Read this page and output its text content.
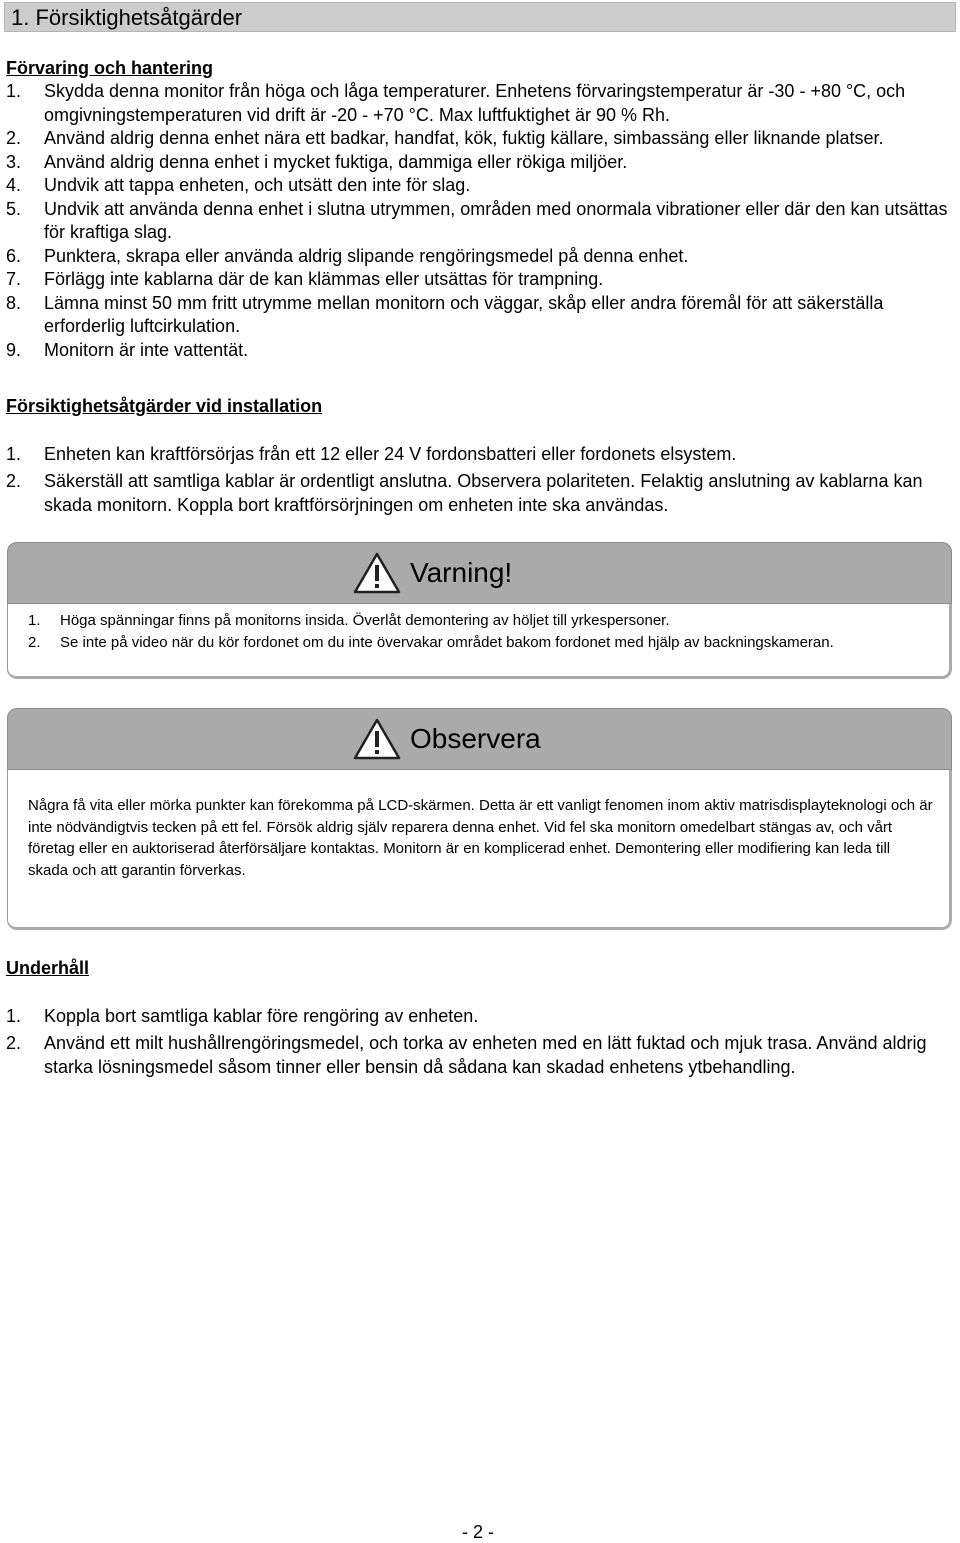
1. Försiktighetsåtgärder
Förvaring och hantering
1. Skydda denna monitor från höga och låga temperaturer. Enhetens förvaringstemperatur är -30 - +80 °C, och omgivningstemperaturen vid drift är -20 - +70 °C. Max luftfuktighet är 90 % Rh.
2. Använd aldrig denna enhet nära ett badkar, handfat, kök, fuktig källare, simbassäng eller liknande platser.
3. Använd aldrig denna enhet i mycket fuktiga, dammiga eller rökiga miljöer.
4. Undvik att tappa enheten, och utsätt den inte för slag.
5. Undvik att använda denna enhet i slutna utrymmen, områden med onormala vibrationer eller där den kan utsättas för kraftiga slag.
6. Punktera, skrapa eller använda aldrig slipande rengöringsmedel på denna enhet.
7. Förlägg inte kablarna där de kan klämmas eller utsättas för trampning.
8. Lämna minst 50 mm fritt utrymme mellan monitorn och väggar, skåp eller andra föremål för att säkerställa erforderlig luftcirkulation.
9. Monitorn är inte vattentät.
Försiktighetsåtgärder vid installation
1. Enheten kan kraftförsörjas från ett 12 eller 24 V fordonsbatteri eller fordonets elsystem.
2. Säkerställ att samtliga kablar är ordentligt anslutna. Observera polariteten. Felaktig anslutning av kablarna kan skada monitorn. Koppla bort kraftförsörjningen om enheten inte ska användas.
Varning!
1. Höga spänningar finns på monitorns insida. Överlåt demontering av höljet till yrkespersoner.
2. Se inte på video när du kör fordonet om du inte övervakar området bakom fordonet med hjälp av backningskameran.
Observera
Några få vita eller mörka punkter kan förekomma på LCD-skärmen. Detta är ett vanligt fenomen inom aktiv matrisdisplayteknologi och är inte nödvändigtvis tecken på ett fel. Försök aldrig själv reparera denna enhet. Vid fel ska monitorn omedelbart stängas av, och vårt företag eller en auktoriserad återförsäljare kontaktas. Monitorn är en komplicerad enhet. Demontering eller modifiering kan leda till skada och att garantin förverkas.
Underhåll
1. Koppla bort samtliga kablar före rengöring av enheten.
2. Använd ett milt hushållrengöringsmedel, och torka av enheten med en lätt fuktad och mjuk trasa. Använd aldrig starka lösningsmedel såsom tinner eller bensin då sådana kan skadad enhetens ytbehandling.
- 2 -
